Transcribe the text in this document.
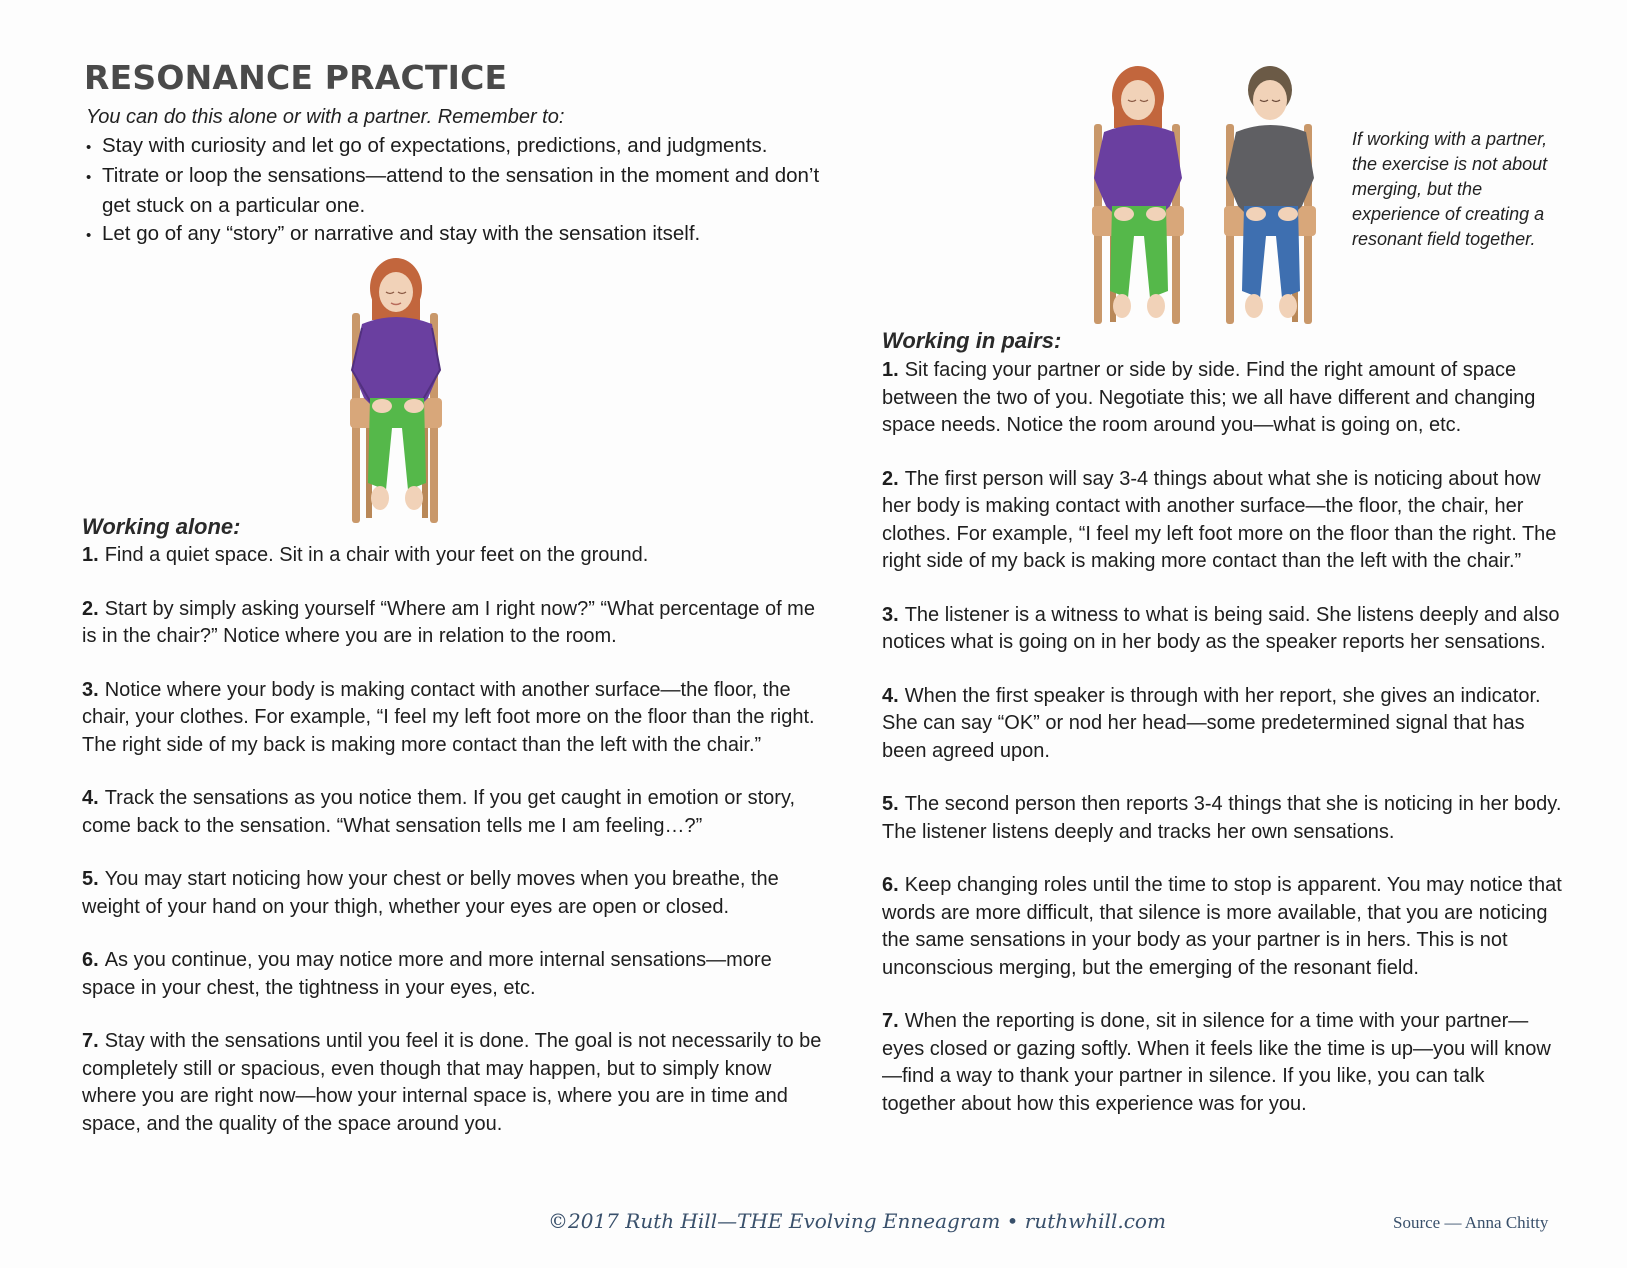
RESONANCE PRACTICE
You can do this alone or with a partner. Remember to:
• Stay with curiosity and let go of expectations, predictions, and judgments.
• Titrate or loop the sensations—attend to the sensation in the moment and don’t get stuck on a particular one.
• Let go of any “story” or narrative and stay with the sensation itself.
Working alone:
1. Find a quiet space. Sit in a chair with your feet on the ground.
2. Start by simply asking yourself “Where am I right now?” “What percentage of me is in the chair?” Notice where you are in relation to the room.
3. Notice where your body is making contact with another surface—the floor, the chair, your clothes. For example, “I feel my left foot more on the floor than the right. The right side of my back is making more contact than the left with the chair.”
4. Track the sensations as you notice them. If you get caught in emotion or story, come back to the sensation. “What sensation tells me I am feeling…?”
5. You may start noticing how your chest or belly moves when you breathe, the weight of your hand on your thigh, whether your eyes are open or closed.
6. As you continue, you may notice more and more internal sensations—more space in your chest, the tightness in your eyes, etc.
7. Stay with the sensations until you feel it is done. The goal is not necessarily to be completely still or spacious, even though that may happen, but to simply know where you are right now—how your internal space is, where you are in time and space, and the quality of the space around you.
If working with a partner, the exercise is not about merging, but the experience of creating a resonant field together.
Working in pairs:
1. Sit facing your partner or side by side. Find the right amount of space between the two of you. Negotiate this; we all have different and changing space needs. Notice the room around you—what is going on, etc.
2. The first person will say 3-4 things about what she is noticing about how her body is making contact with another surface—the floor, the chair, her clothes. For example, “I feel my left foot more on the floor than the right. The right side of my back is making more contact than the left with the chair.”
3. The listener is a witness to what is being said. She listens deeply and also notices what is going on in her body as the speaker reports her sensations.
4. When the first speaker is through with her report, she gives an indicator. She can say “OK” or nod her head—some predetermined signal that has been agreed upon.
5. The second person then reports 3-4 things that she is noticing in her body. The listener listens deeply and tracks her own sensations.
6. Keep changing roles until the time to stop is apparent. You may notice that words are more difficult, that silence is more available, that you are noticing the same sensations in your body as your partner is in hers. This is not unconscious merging, but the emerging of the resonant field.
7. When the reporting is done, sit in silence for a time with your partner—eyes closed or gazing softly. When it feels like the time is up—you will know—find a way to thank your partner in silence. If you like, you can talk together about how this experience was for you.
©2017 Ruth Hill—THE Evolving Enneagram • ruthwhill.com	Source — Anna Chitty
